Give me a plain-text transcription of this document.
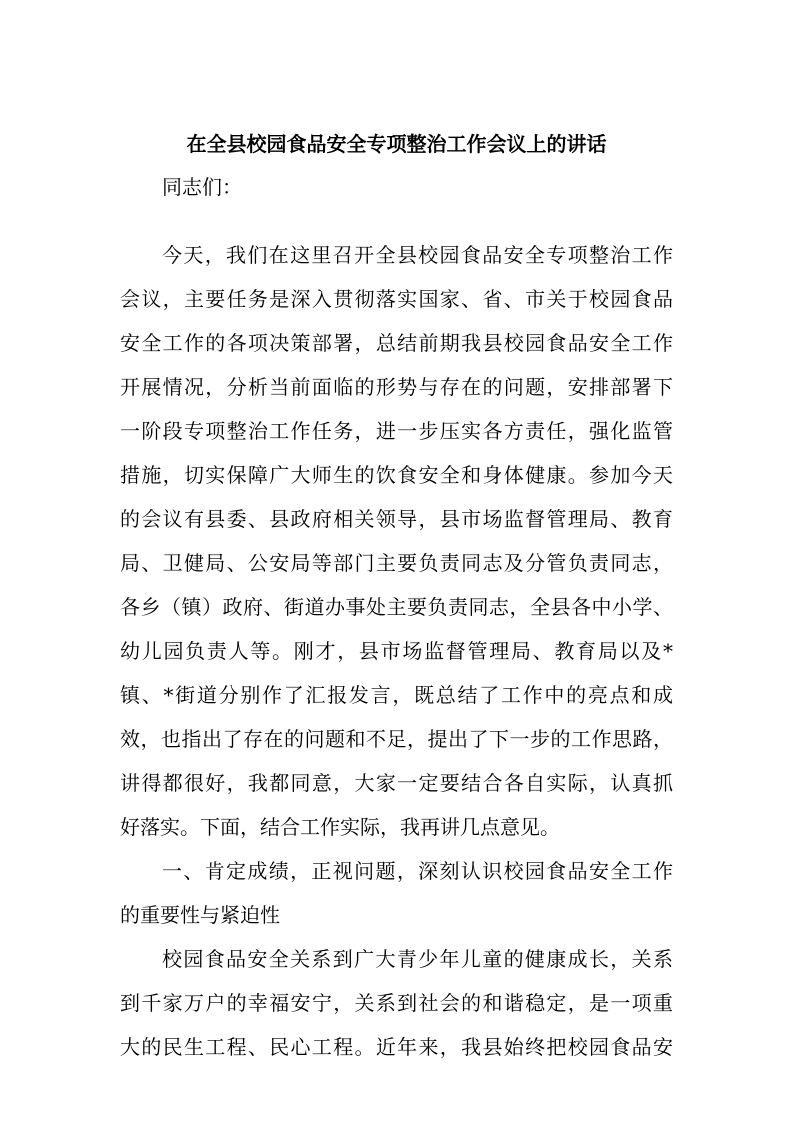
在全县校园食品安全专项整治工作会议上的讲话
同志们：
今天，我们在这里召开全县校园食品安全专项整治工作
会议，主要任务是深入贯彻落实国家、省、市关于校园食品
安全工作的各项决策部署，总结前期我县校园食品安全工作
开展情况，分析当前面临的形势与存在的问题，安排部署下
一阶段专项整治工作任务，进一步压实各方责任，强化监管
措施，切实保障广大师生的饮食安全和身体健康。参加今天
的会议有县委、县政府相关领导，县市场监督管理局、教育
局、卫健局、公安局等部门主要负责同志及分管负责同志，
各乡（镇）政府、街道办事处主要负责同志，全县各中小学、
幼儿园负责人等。刚才，县市场监督管理局、教育局以及*
镇、*街道分别作了汇报发言，既总结了工作中的亮点和成
效，也指出了存在的问题和不足，提出了下一步的工作思路，
讲得都很好，我都同意，大家一定要结合各自实际，认真抓
好落实。下面，结合工作实际，我再讲几点意见。
一、肯定成绩，正视问题，深刻认识校园食品安全工作
的重要性与紧迫性
校园食品安全关系到广大青少年儿童的健康成长，关系
到千家万户的幸福安宁，关系到社会的和谐稳定，是一项重
大的民生工程、民心工程。近年来，我县始终把校园食品安
